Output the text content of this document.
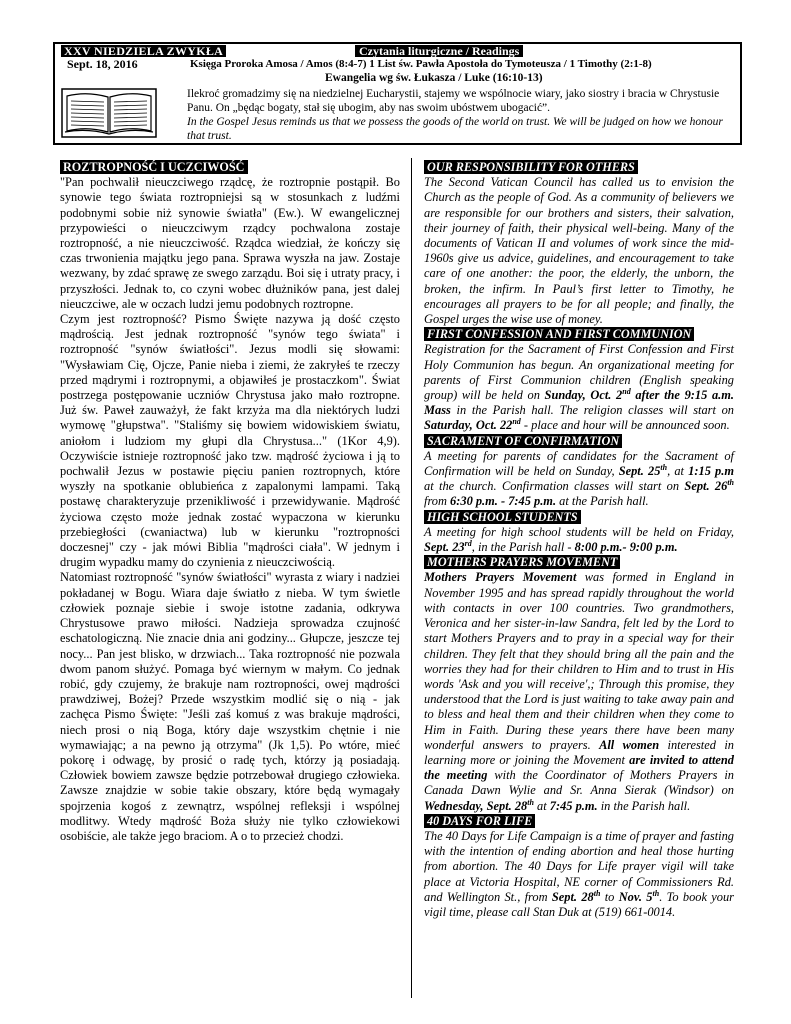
XXV NIEDZIELA ZWYKŁA	Czytania liturgiczne / Readings
Sept. 18, 2016	Księga Proroka Amosa / Amos (8:4-7) 1 List św. Pawła Apostoła do Tymoteusza / 1 Timothy (2:1-8)
Ewangelia wg św. Łukasza / Luke (16:10-13)

Ilekroć gromadzimy się na niedzielnej Eucharystii, stajemy we wspólnocie wiary, jako siostry i bracia w Chrystusie Panu. On „będąc bogaty, stał się ubogim, aby nas swoim ubóstwem ubogacić”.

In the Gospel Jesus reminds us that we possess the goods of the world on trust. We will be judged on how we honour that trust.

ROZTROPNOŚĆ I UCZCIWOŚĆ

"Pan pochwalił nieuczciwego rządcę, że roztropnie postąpił. Bo synowie tego świata roztropniejsi są w stosunkach z ludźmi podobnymi sobie niż synowie światła" (Ew.). W ewangelicznej przypowieści o nieuczciwym rządcy pochwalona zostaje roztropność, a nie nieuczciwość. Rządca wiedział, że kończy się czas trwonienia majątku jego pana. Sprawa wyszła na jaw. Zostaje wezwany, by zdać sprawę ze swego zarządu. Boi się i utraty pracy, i przyszłości. Jednak to, co czyni wobec dłużników pana, jest dalej nieuczciwe, ale w oczach ludzi jemu podobnych roztropne.

Czym jest roztropność? Pismo Święte nazywa ją dość często mądrością. Jest jednak roztropność "synów tego świata" i roztropność "synów światłości". Jezus modli się słowami: "Wysławiam Cię, Ojcze, Panie nieba i ziemi, że zakryłeś te rzeczy przed mądrymi i roztropnymi, a objawiłeś je prostaczkom". Świat postrzega postępowanie uczniów Chrystusa jako mało roztropne. Już św. Paweł zauważył, że fakt krzyża ma dla niektórych ludzi wymowę "głupstwa". "Staliśmy się bowiem widowiskiem światu, aniołom i ludziom my głupi dla Chrystusa..." (1Kor 4,9). Oczywiście istnieje roztropność jako tzw. mądrość życiowa i ją to pochwalił Jezus w postawie pięciu panien roztropnych, które wyszły na spotkanie oblubieńca z zapalonymi lampami. Taką postawę charakteryzuje przenikliwość i przewidywanie. Mądrość życiowa często może jednak zostać wypaczona w kierunku przebiegłości (cwaniactwa) lub w kierunku "roztropności doczesnej" czy - jak mówi Biblia "mądrości ciała". W jednym i drugim wypadku mamy do czynienia z nieuczciwością.

Natomiast roztropność "synów światłości" wyrasta z wiary i nadziei pokładanej w Bogu. Wiara daje światło z nieba. W tym świetle człowiek poznaje siebie i swoje istotne zadania, odkrywa Chrystusowe prawo miłości. Nadzieja sprowadza czujność eschatologiczną. Nie znacie dnia ani godziny... Głupcze, jeszcze tej nocy... Pan jest blisko, w drzwiach... Taka roztropność nie pozwala dwom panom służyć. Pomaga być wiernym w małym. Co jednak robić, gdy czujemy, że brakuje nam roztropności, owej mądrości prawdziwej, Bożej? Przede wszystkim modlić się o nią - jak zachęca Pismo Święte: "Jeśli zaś komuś z was brakuje mądrości, niech prosi o nią Boga, który daje wszystkim chętnie i nie wymawiając; a na pewno ją otrzyma" (Jk 1,5). Po wtóre, mieć pokorę i odwagę, by prosić o radę tych, którzy ją posiadają. Człowiek bowiem zawsze będzie potrzebował drugiego człowieka. Zawsze znajdzie w sobie takie obszary, które będą wymagały spojrzenia kogoś z zewnątrz, wspólnej refleksji i wspólnej modlitwy. Wtedy mądrość Boża służy nie tylko człowiekowi osobiście, ale także jego braciom. A o to przecież chodzi.

OUR RESPONSIBILITY FOR OTHERS

The Second Vatican Council has called us to envision the Church as the people of God. As a community of believers we are responsible for our brothers and sisters, their salvation, their journey of faith, their physical well-being. Many of the documents of Vatican II and volumes of work since the mid-1960s give us advice, guidelines, and encouragement to take care of one another: the poor, the elderly, the unborn, the broken, the infirm. In Paul’s first letter to Timothy, he encourages all prayers to be for all people; and finally, the Gospel urges the wise use of money.

FIRST CONFESSION AND FIRST COMMUNION

Registration for the Sacrament of First Confession and First Holy Communion has begun. An organizational meeting for parents of First Communion children (English speaking group) will be held on Sunday, Oct. 2nd after the 9:15 a.m. Mass in the Parish hall. The religion classes will start on Saturday, Oct. 22nd - place and hour will be announced soon.

SACRAMENT OF CONFIRMATION

A meeting for parents of candidates for the Sacrament of Confirmation will be held on Sunday, Sept. 25th, at 1:15 p.m at the church. Confirmation classes will start on Sept. 26th from 6:30 p.m. - 7:45 p.m. at the Parish hall.

HIGH SCHOOL STUDENTS

A meeting for high school students will be held on Friday, Sept. 23rd, in the Parish hall - 8:00 p.m.- 9:00 p.m.

MOTHERS PRAYERS MOVEMENT

Mothers Prayers Movement was formed in England in November 1995 and has spread rapidly throughout the world with contacts in over 100 countries. Two grandmothers, Veronica and her sister-in-law Sandra, felt led by the Lord to start Mothers Prayers and to pray in a special way for their children. They felt that they should bring all the pain and the worries they had for their children to Him and to trust in His words 'Ask and you will receive',; Through this promise, they understood that the Lord is just waiting to take away pain and to bless and heal them and their children when they come to Him in Faith. During these years there have been many wonderful answers to prayers. All women interested in learning more or joining the Movement are invited to attend the meeting with the Coordinator of Mothers Prayers in Canada Dawn Wylie and Sr. Anna Sierak (Windsor) on Wednesday, Sept. 28th at 7:45 p.m. in the Parish hall.

40 DAYS FOR LIFE

The 40 Days for Life Campaign is a time of prayer and fasting with the intention of ending abortion and heal those hurting from abortion. The 40 Days for Life prayer vigil will take place at Victoria Hospital, NE corner of Commissioners Rd. and Wellington St., from Sept. 28th to Nov. 5th. To book your vigil time, please call Stan Duk at (519) 661-0014.
